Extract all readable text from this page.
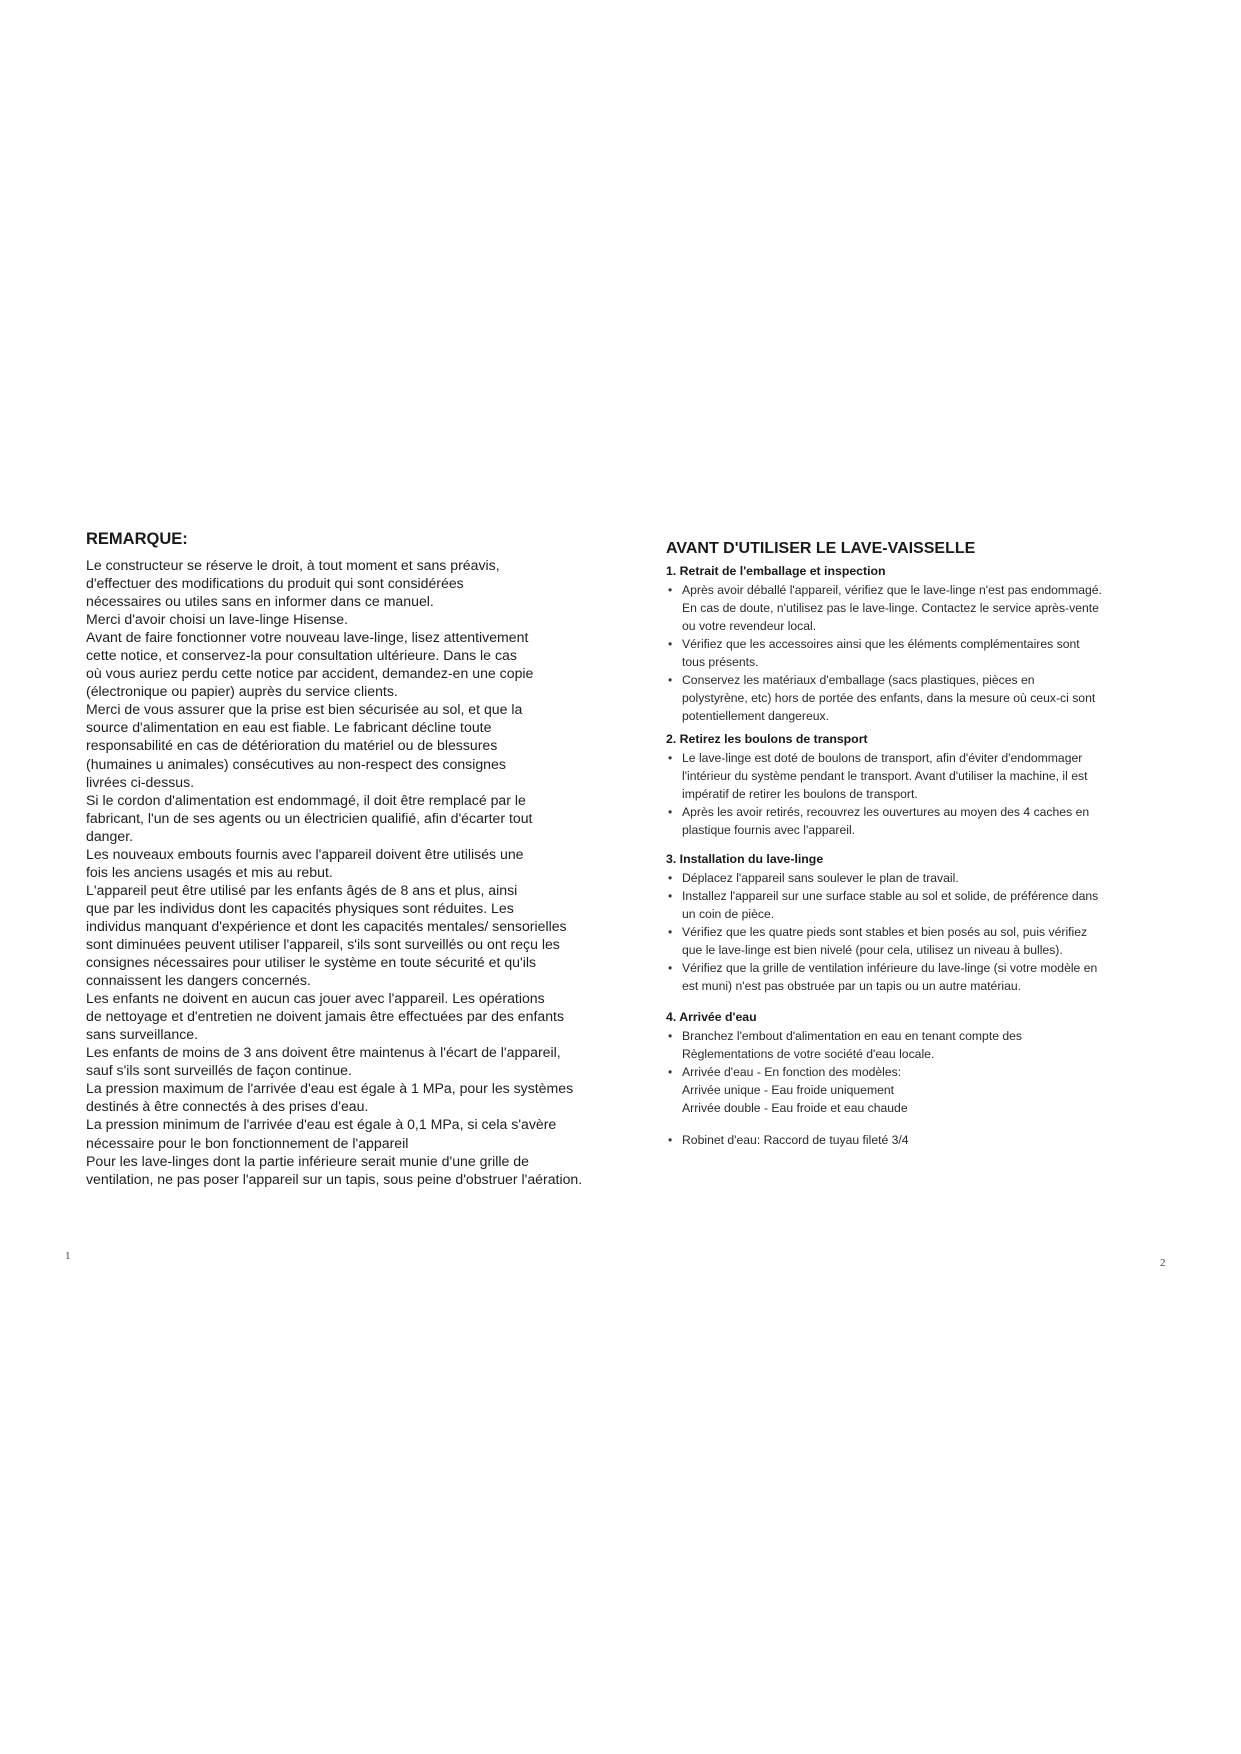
REMARQUE:
Le constructeur se réserve le droit, à tout moment et sans préavis,
d'effectuer des modifications du produit qui sont considérées
nécessaires ou utiles sans en informer dans ce manuel.
Merci d'avoir choisi un lave-linge Hisense.
Avant de faire fonctionner votre nouveau lave-linge, lisez attentivement
cette notice, et conservez-la pour consultation ultérieure. Dans le cas
où vous auriez perdu cette notice par accident, demandez-en une copie
(électronique ou papier) auprès du service clients.
Merci de vous assurer que la prise est bien sécurisée au sol, et que la
source d'alimentation en eau est fiable. Le fabricant décline toute
responsabilité en cas de détérioration du matériel ou de blessures
(humaines u animales) consécutives au non-respect des consignes
livrées ci-dessus.
Si le cordon d'alimentation est endommagé, il doit être remplacé par le
fabricant, l'un de ses agents ou un électricien qualifié, afin d'écarter tout
danger.
Les nouveaux embouts fournis avec l'appareil doivent être utilisés une
fois les anciens usagés et mis au rebut.
L'appareil peut être utilisé par les enfants âgés de 8 ans et plus, ainsi
que par les individus dont les capacités physiques sont réduites. Les
individus manquant d'expérience et dont les capacités mentales/ sensorielles
sont diminuées peuvent utiliser l'appareil, s'ils sont surveillés ou ont reçu les
consignes nécessaires pour utiliser le système en toute sécurité et qu'ils
connaissent les dangers concernés.
Les enfants ne doivent en aucun cas jouer avec l'appareil. Les opérations
de nettoyage et d'entretien ne doivent jamais être effectuées par des enfants
sans surveillance.
Les enfants de moins de 3 ans doivent être maintenus à l'écart de l'appareil,
sauf s'ils sont surveillés de façon continue.
La pression maximum de l'arrivée d'eau est égale à 1 MPa, pour les systèmes
destinés à être connectés à des prises d'eau.
La pression minimum de l'arrivée d'eau est égale à 0,1 MPa, si cela s'avère
nécessaire pour le bon fonctionnement de l'appareil
Pour les lave-linges dont la partie inférieure serait munie d'une grille de
ventilation, ne pas poser l'appareil sur un tapis, sous peine d'obstruer l'aération.
AVANT D'UTILISER LE LAVE-VAISSELLE
1. Retrait de l'emballage et inspection
• Après avoir déballé l'appareil, vérifiez que le lave-linge n'est pas endommagé.
En cas de doute, n'utilisez pas le lave-linge. Contactez le service après-vente
ou votre revendeur local.
• Vérifiez que les accessoires ainsi que les éléments complémentaires sont
tous présents.
• Conservez les matériaux d'emballage (sacs plastiques, pièces en
polystyrène, etc) hors de portée des enfants, dans la mesure où ceux-ci sont
potentiellement dangereux.
2. Retirez les boulons de transport
• Le lave-linge est doté de boulons de transport, afin d'éviter d'endommager
l'intérieur du système pendant le transport. Avant d'utiliser la machine, il est
impératif de retirer les boulons de transport.
• Après les avoir retirés, recouvrez les ouvertures au moyen des 4 caches en
plastique fournis avec l'appareil.
3. Installation du lave-linge
• Déplacez l'appareil sans soulever le plan de travail.
• Installez l'appareil sur une surface stable au sol et solide, de préférence dans
un coin de pièce.
• Vérifiez que les quatre pieds sont stables et bien posés au sol, puis vérifiez
que le lave-linge est bien nivelé (pour cela, utilisez un niveau à bulles).
• Vérifiez que la grille de ventilation inférieure du lave-linge (si votre modèle en
est muni) n'est pas obstruée par un tapis ou un autre matériau.
4. Arrivée d'eau
• Branchez l'embout d'alimentation en eau en tenant compte des
Règlementations de votre société d'eau locale.
• Arrivée d'eau - En fonction des modèles:
Arrivée unique - Eau froide uniquement
Arrivée double - Eau froide et eau chaude
• Robinet d'eau: Raccord de tuyau fileté 3/4
1
2
